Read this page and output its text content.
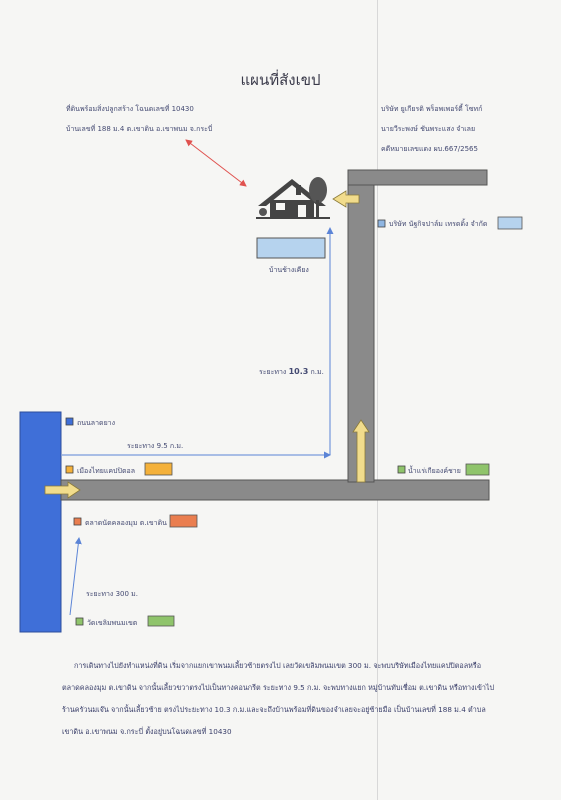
แผนที่สังเขป
ที่ดินพร้อมสิ่งปลูกสร้าง โฉนดเลขที่ 10430
บ้านเลขที่ 188 ม.4 ต.เขาดิน อ.เขาพนม จ.กระบี่
บริษัท ยูเกียรติ พร็อพเพอร์ตี้ โซทก์
นายวีระพงษ์ ชันพระแสง จำเลย
คดีหมายเลขแดง ผบ.667/2565
บ้านช้างเคียง
บริษัท นัฐกิจปาล์ม เทรดดิ้ง จำกัด
ถนนลาดยาง
เมืองไทยแคปปิตอล
ตลาดนัดคลองมุม ต.เขาดิน
น้ำแร่เกียองค์ชาย
วัดเขลิมพนมเขต
ระยะทาง 9.5 ก.ม.
ระยะทาง 10.3 ก.ม.
ระยะทาง 300 ม.
การเดินทางไปยังทำแหน่งที่ดิน เริ่มจากแยกเขาพนมเลี้ยวซ้ายตรงไป เลยวัดเขลิมพนมเขต 300 ม. จะพบบริษัทเมืองไทยแคปปิตอลหรือ
ตลาดคลองมุม ต.เขาดิน จากนั้นเลี้ยวขวาตรงไปเป็นทางคอนกรีต ระยะทาง 9.5 ก.ม. จะพบทางแยก หมู่บ้านทับเชื่อม ต.เขาดิน หรือทางเข้าไป
ร้านครัวนมเจ๊น จากนั้นเลี้ยวซ้าย ตรงไประยะทาง 10.3 ก.ม.และจะถึงบ้านพร้อมที่ดินของจำเลยจะอยู่ซ้ายมือ เป็นบ้านเลขที่ 188 ม.4 ตำบล
เขาดิน อ.เขาพนม จ.กระบี่ ตั้งอยู่บนโฉนดเลขที่ 10430
